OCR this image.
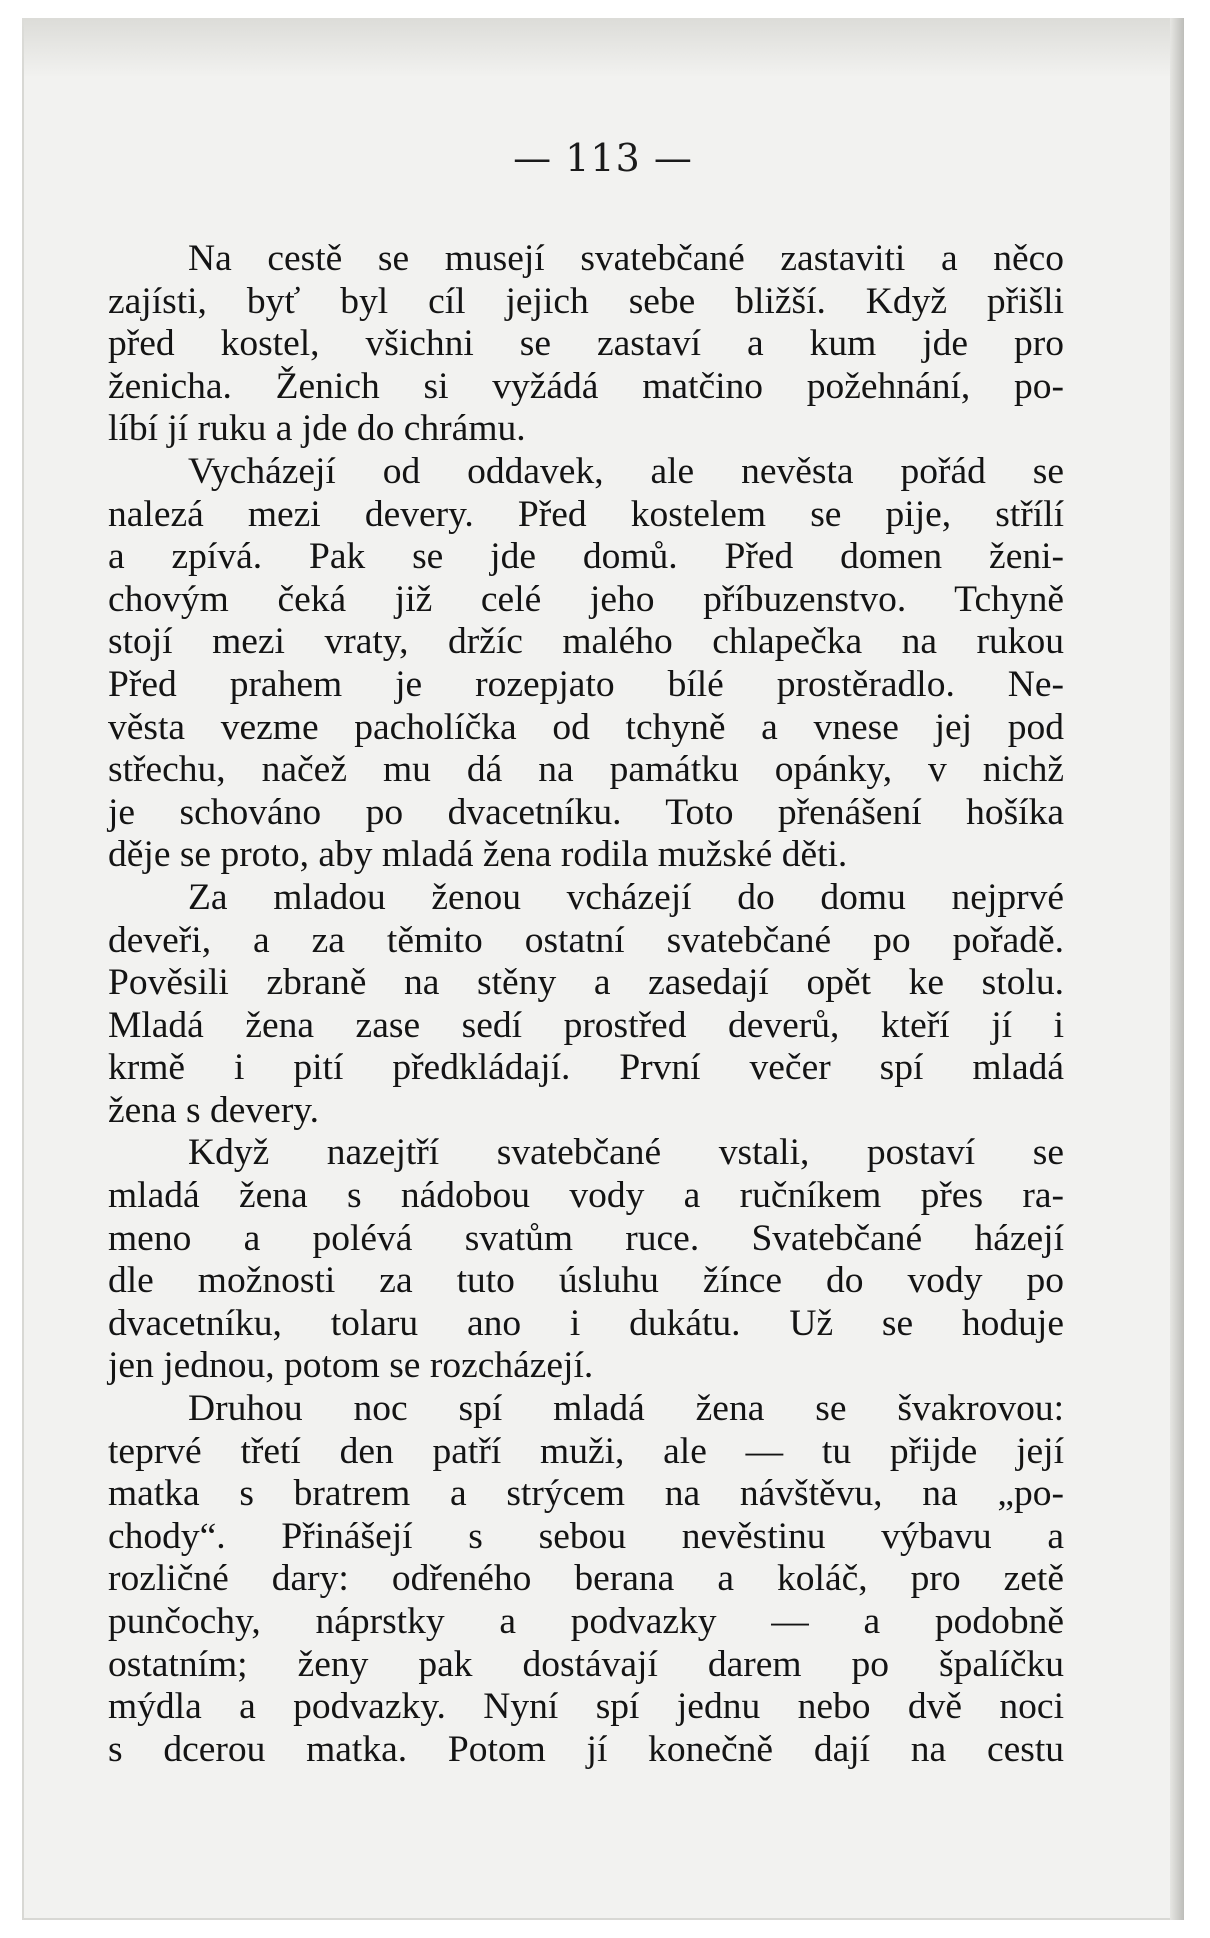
— 113 —
Na cestě se musejí svatebčané zastaviti a něco
zajísti, byť byl cíl jejich sebe bližší. Když přišli
před kostel, všichni se zastaví a kum jde pro
ženicha. Ženich si vyžádá matčino požehnání, po-
líbí jí ruku a jde do chrámu.
Vycházejí od oddavek, ale nevěsta pořád se
nalezá mezi devery. Před kostelem se pije, střílí
a zpívá. Pak se jde domů. Před domen ženi-
chovým čeká již celé jeho příbuzenstvo. Tchyně
stojí mezi vraty, držíc malého chlapečka na rukou
Před prahem je rozepjato bílé prostěradlo. Ne-
věsta vezme pacholíčka od tchyně a vnese jej pod
střechu, načež mu dá na památku opánky, v nichž
je schováno po dvacetníku. Toto přenášení hošíka
děje se proto, aby mladá žena rodila mužské děti.
Za mladou ženou vcházejí do domu nejprvé
deveři, a za těmito ostatní svatebčané po pořadě.
Pověsili zbraně na stěny a zasedají opět ke stolu.
Mladá žena zase sedí prostřed deverů, kteří jí i
krmě i pití předkládají. První večer spí mladá
žena s devery.
Když nazejtří svatebčané vstali, postaví se
mladá žena s nádobou vody a ručníkem přes ra-
meno a polévá svatům ruce. Svatebčané házejí
dle možnosti za tuto úsluhu žínce do vody po
dvacetníku, tolaru ano i dukátu. Už se hoduje
jen jednou, potom se rozcházejí.
Druhou noc spí mladá žena se švakrovou:
teprvé třetí den patří muži, ale — tu přijde její
matka s bratrem a strýcem na návštěvu, na „po-
chody“. Přinášejí s sebou nevěstinu výbavu a
rozličné dary: odřeného berana a koláč, pro zetě
punčochy, náprstky a podvazky — a podobně
ostatním; ženy pak dostávají darem po špalíčku
mýdla a podvazky. Nyní spí jednu nebo dvě noci
s dcerou matka. Potom jí konečně dají na cestu
